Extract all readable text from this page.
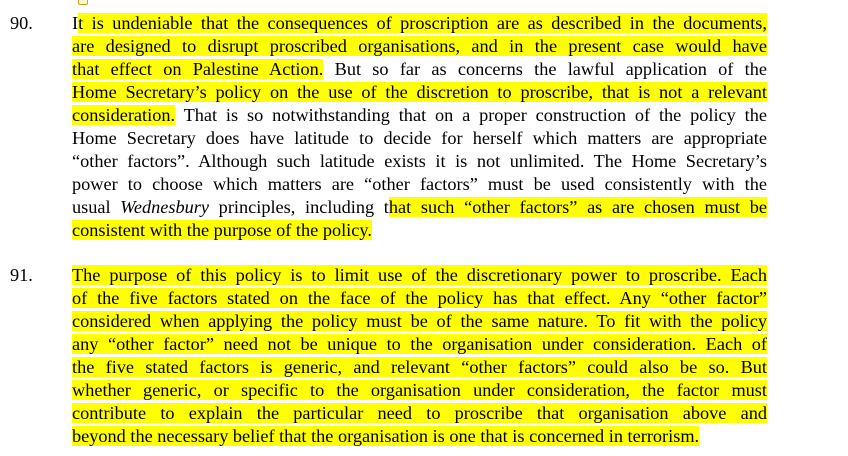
90. It is undeniable that the consequences of proscription are as described in the documents,
are designed to disrupt proscribed organisations, and in the present case would have
that effect on Palestine Action. But so far as concerns the lawful application of the
Home Secretary’s policy on the use of the discretion to proscribe, that is not a relevant
consideration. That is so notwithstanding that on a proper construction of the policy the
Home Secretary does have latitude to decide for herself which matters are appropriate
“other factors”. Although such latitude exists it is not unlimited. The Home Secretary’s
power to choose which matters are “other factors” must be used consistently with the
usual Wednesbury principles, including that such “other factors” as are chosen must be
consistent with the purpose of the policy.
91. The purpose of this policy is to limit use of the discretionary power to proscribe. Each
of the five factors stated on the face of the policy has that effect. Any “other factor”
considered when applying the policy must be of the same nature. To fit with the policy
any “other factor” need not be unique to the organisation under consideration. Each of
the five stated factors is generic, and relevant “other factors” could also be so. But
whether generic, or specific to the organisation under consideration, the factor must
contribute to explain the particular need to proscribe that organisation above and
beyond the necessary belief that the organisation is one that is concerned in terrorism.
